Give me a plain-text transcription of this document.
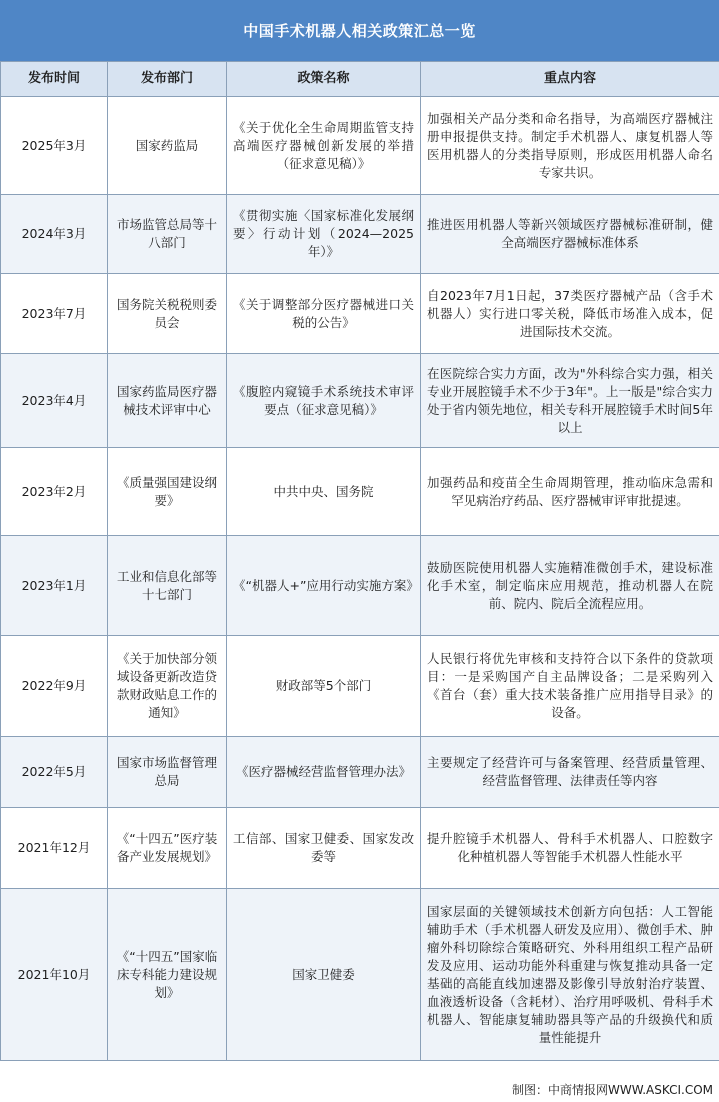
中国手术机器人相关政策汇总一览
发布时间	发布部门	政策名称	重点内容
2025年3月	国家药监局	《关于优化全生命周期监管支持高端医疗器械创新发展的举措（征求意见稿）》	加强相关产品分类和命名指导，为高端医疗器械注册申报提供支持。制定手术机器人、康复机器人等医用机器人的分类指导原则，形成医用机器人命名专家共识。
2024年3月	市场监管总局等十八部门	《贯彻实施〈国家标准化发展纲要〉行动计划（2024—2025年）》	推进医用机器人等新兴领域医疗器械标准研制，健全高端医疗器械标准体系
2023年7月	国务院关税税则委员会	《关于调整部分医疗器械进口关税的公告》	自2023年7月1日起，37类医疗器械产品（含手术机器人）实行进口零关税，降低市场准入成本，促进国际技术交流。
2023年4月	国家药监局医疗器械技术评审中心	《腹腔内窥镜手术系统技术审评要点（征求意见稿）》	在医院综合实力方面，改为"外科综合实力强，相关专业开展腔镜手术不少于3年"。上一版是"综合实力处于省内领先地位，相关专科开展腔镜手术时间5年以上
2023年2月	《质量强国建设纲要》	中共中央、国务院	加强药品和疫苗全生命周期管理，推动临床急需和罕见病治疗药品、医疗器械审评审批提速。
2023年1月	工业和信息化部等十七部门	《“机器人+”应用行动实施方案》	鼓励医院使用机器人实施精准微创手术，建设标准化手术室，制定临床应用规范，推动机器人在院前、院内、院后全流程应用。
2022年9月	《关于加快部分领域设备更新改造贷款财政贴息工作的通知》	财政部等5个部门	人民银行将优先审核和支持符合以下条件的贷款项目：一是采购国产自主品牌设备；二是采购列入《首台（套）重大技术装备推广应用指导目录》的设备。
2022年5月	国家市场监督管理总局	《医疗器械经营监督管理办法》	主要规定了经营许可与备案管理、经营质量管理、经营监督管理、法律责任等内容
2021年12月	《“十四五”医疗装备产业发展规划》	工信部、国家卫健委、国家发改委等	提升腔镜手术机器人、骨科手术机器人、口腔数字化种植机器人等智能手术机器人性能水平
2021年10月	《“十四五”国家临床专科能力建设规划》	国家卫健委	国家层面的关键领域技术创新方向包括：人工智能辅助手术（手术机器人研发及应用）、微创手术、肿瘤外科切除综合策略研究、外科用组织工程产品研发及应用、运动功能外科重建与恢复推动具备一定基础的高能直线加速器及影像引导放射治疗装置、血液透析设备（含耗材）、治疗用呼吸机、骨科手术机器人、智能康复辅助器具等产品的升级换代和质量性能提升
制图：中商情报网WWW.ASKCI.COM
